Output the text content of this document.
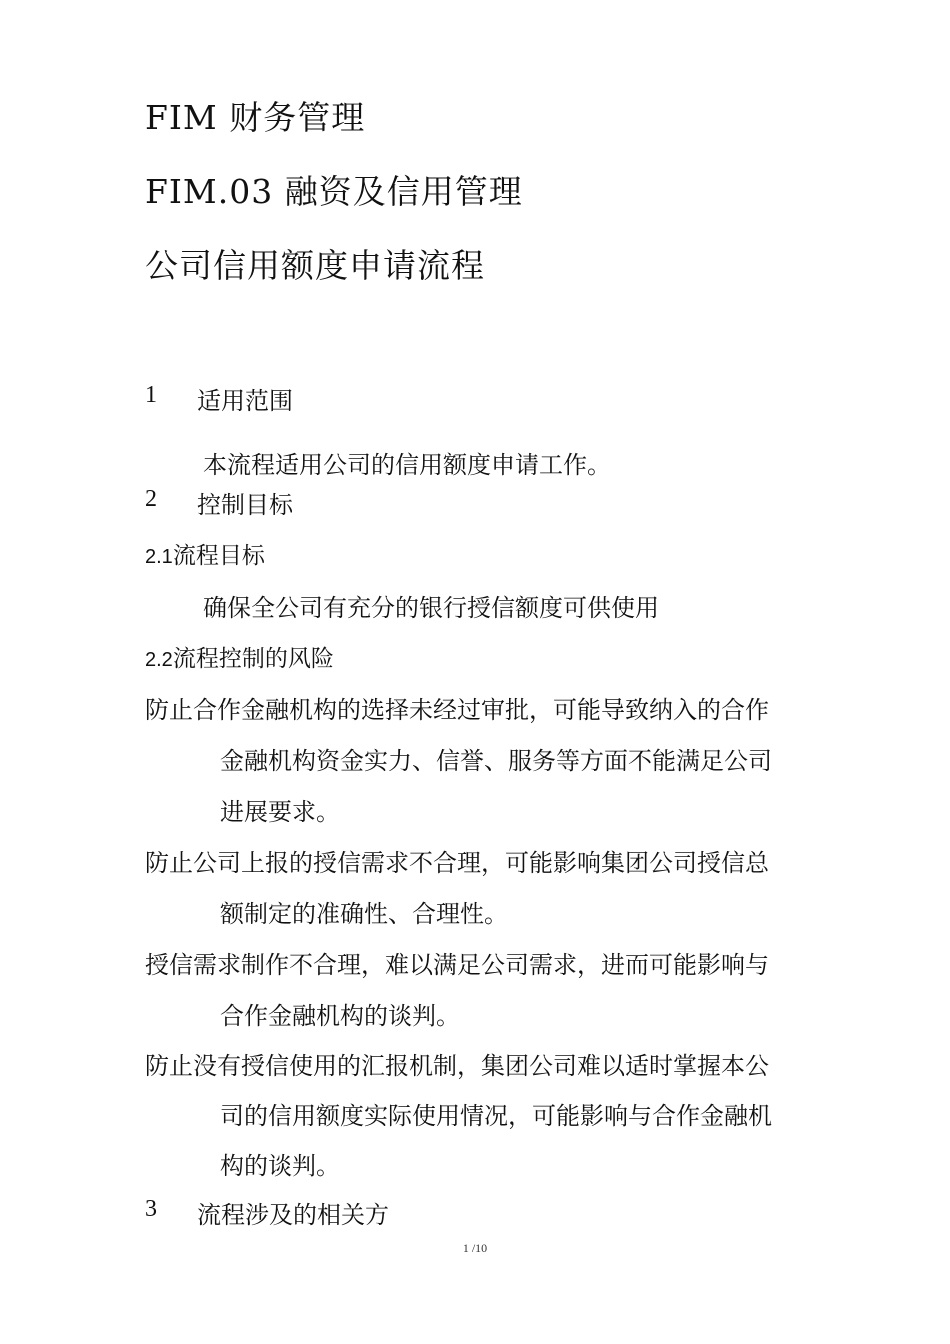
FIM 财务管理
FIM.03 融资及信用管理
公司信用额度申请流程
1 适用范围
本流程适用公司的信用额度申请工作。
2 控制目标
2.1流程目标
确保全公司有充分的银行授信额度可供使用
2.2流程控制的风险
防止合作金融机构的选择未经过审批，可能导致纳入的合作
金融机构资金实力、信誉、服务等方面不能满足公司
进展要求。
防止公司上报的授信需求不合理，可能影响集团公司授信总
额制定的准确性、合理性。
授信需求制作不合理，难以满足公司需求，进而可能影响与
合作金融机构的谈判。
防止没有授信使用的汇报机制，集团公司难以适时掌握本公
司的信用额度实际使用情况，可能影响与合作金融机
构的谈判。
3 流程涉及的相关方
1 /10
